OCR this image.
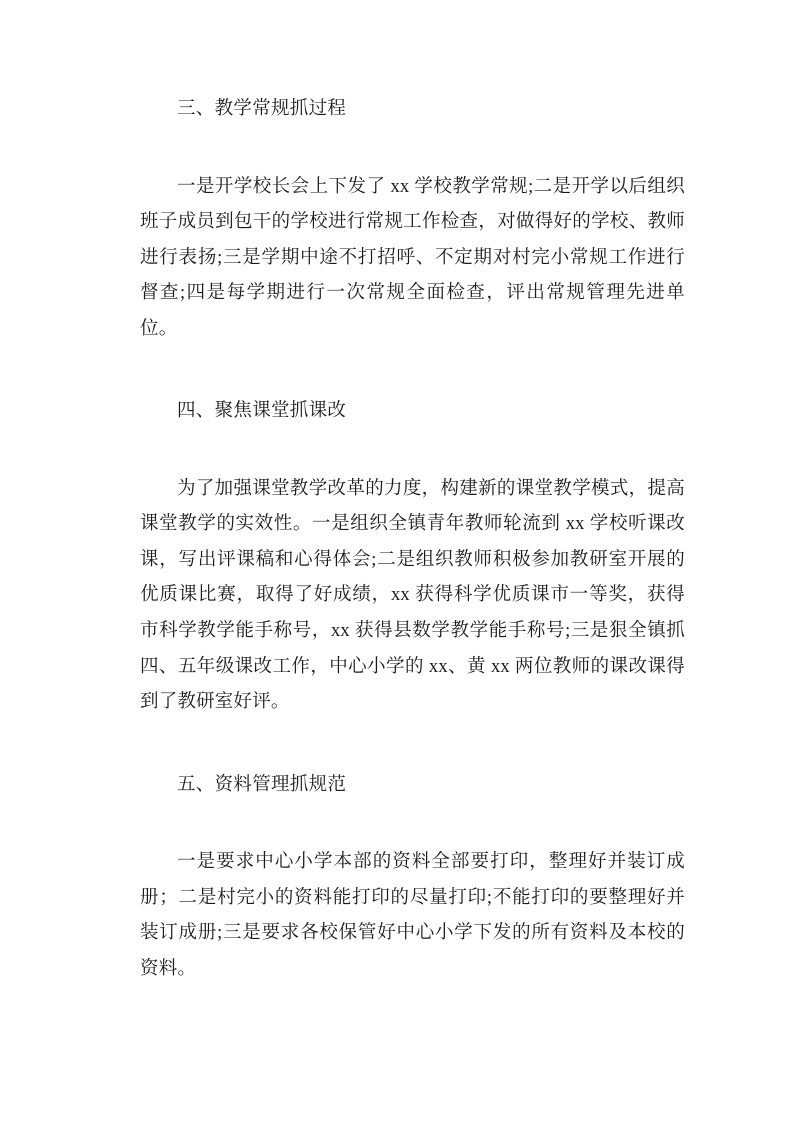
三、教学常规抓过程

一是开学校长会上下发了 xx 学校教学常规;二是开学以后组织班子成员到包干的学校进行常规工作检查，对做得好的学校、教师进行表扬;三是学期中途不打招呼、不定期对村完小常规工作进行督查;四是每学期进行一次常规全面检查，评出常规管理先进单位。

四、聚焦课堂抓课改

为了加强课堂教学改革的力度，构建新的课堂教学模式，提高课堂教学的实效性。一是组织全镇青年教师轮流到 xx 学校听课改课，写出评课稿和心得体会;二是组织教师积极参加教研室开展的优质课比赛，取得了好成绩，xx 获得科学优质课市一等奖，获得市科学教学能手称号，xx 获得县数学教学能手称号;三是狠全镇抓四、五年级课改工作，中心小学的 xx、黄 xx 两位教师的课改课得到了教研室好评。

五、资料管理抓规范

一是要求中心小学本部的资料全部要打印，整理好并装订成册；二是村完小的资料能打印的尽量打印;不能打印的要整理好并装订成册;三是要求各校保管好中心小学下发的所有资料及本校的资料。
